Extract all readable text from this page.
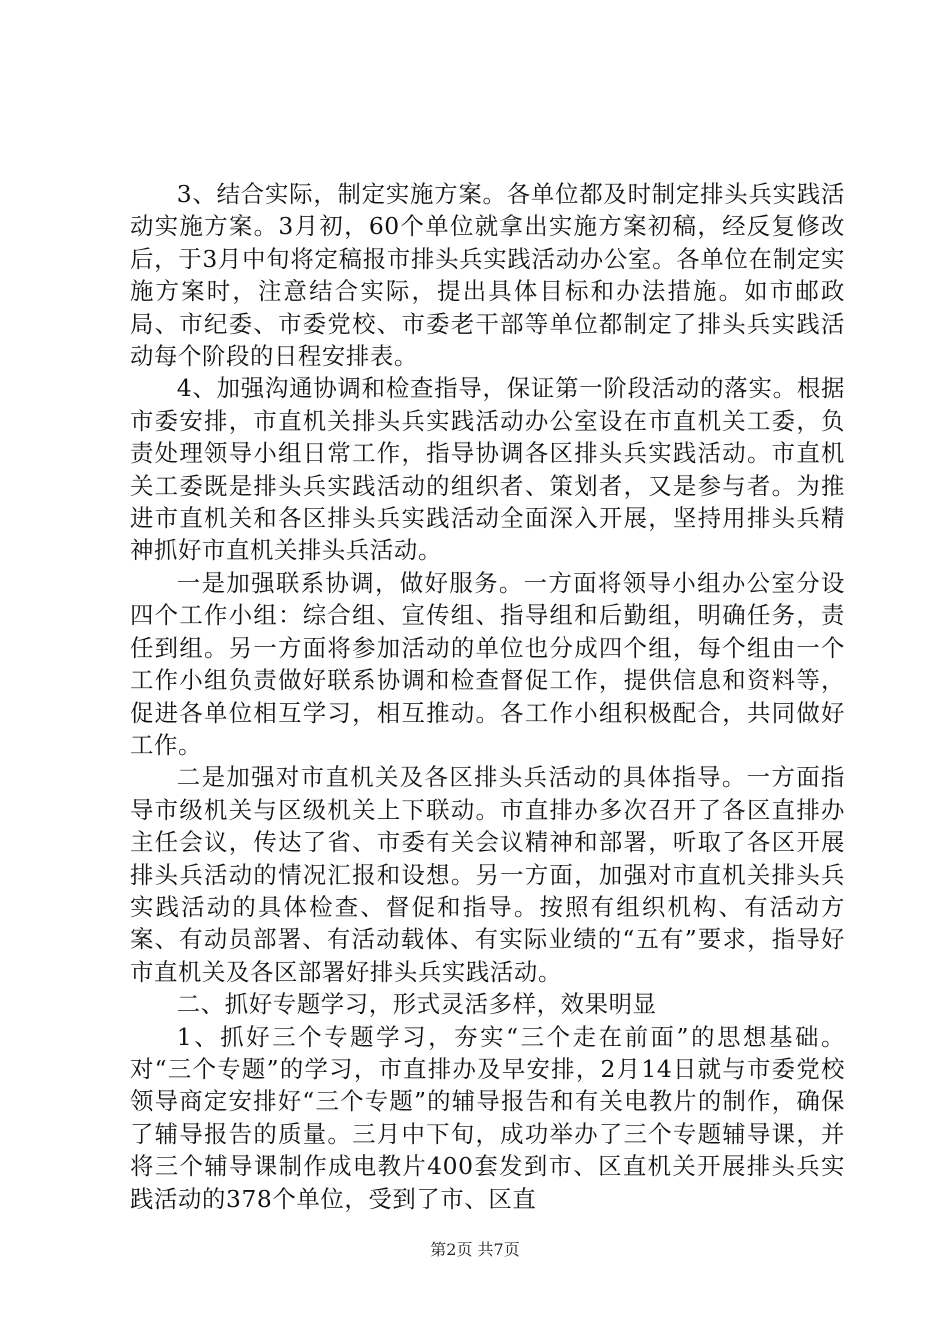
3、结合实际，制定实施方案。各单位都及时制定排头兵实践活动实施方案。3月初，60个单位就拿出实施方案初稿，经反复修改后，于3月中旬将定稿报市排头兵实践活动办公室。各单位在制定实施方案时，注意结合实际，提出具体目标和办法措施。如市邮政局、市纪委、市委党校、市委老干部等单位都制定了排头兵实践活动每个阶段的日程安排表。

4、加强沟通协调和检查指导，保证第一阶段活动的落实。根据市委安排，市直机关排头兵实践活动办公室设在市直机关工委，负责处理领导小组日常工作，指导协调各区排头兵实践活动。市直机关工委既是排头兵实践活动的组织者、策划者，又是参与者。为推进市直机关和各区排头兵实践活动全面深入开展，坚持用排头兵精神抓好市直机关排头兵活动。

一是加强联系协调，做好服务。一方面将领导小组办公室分设四个工作小组：综合组、宣传组、指导组和后勤组，明确任务，责任到组。另一方面将参加活动的单位也分成四个组，每个组由一个工作小组负责做好联系协调和检查督促工作，提供信息和资料等，促进各单位相互学习，相互推动。各工作小组积极配合，共同做好工作。

二是加强对市直机关及各区排头兵活动的具体指导。一方面指导市级机关与区级机关上下联动。市直排办多次召开了各区直排办主任会议，传达了省、市委有关会议精神和部署，听取了各区开展排头兵活动的情况汇报和设想。另一方面，加强对市直机关排头兵实践活动的具体检查、督促和指导。按照有组织机构、有活动方案、有动员部署、有活动载体、有实际业绩的“五有”要求，指导好市直机关及各区部署好排头兵实践活动。

二、抓好专题学习，形式灵活多样，效果明显

1、抓好三个专题学习，夯实“三个走在前面”的思想基础。对“三个专题”的学习，市直排办及早安排，2月14日就与市委党校领导商定安排好“三个专题”的辅导报告和有关电教片的制作，确保了辅导报告的质量。三月中下旬，成功举办了三个专题辅导课，并将三个辅导课制作成电教片400套发到市、区直机关开展排头兵实践活动的378个单位，受到了市、区直

第2页 共7页
